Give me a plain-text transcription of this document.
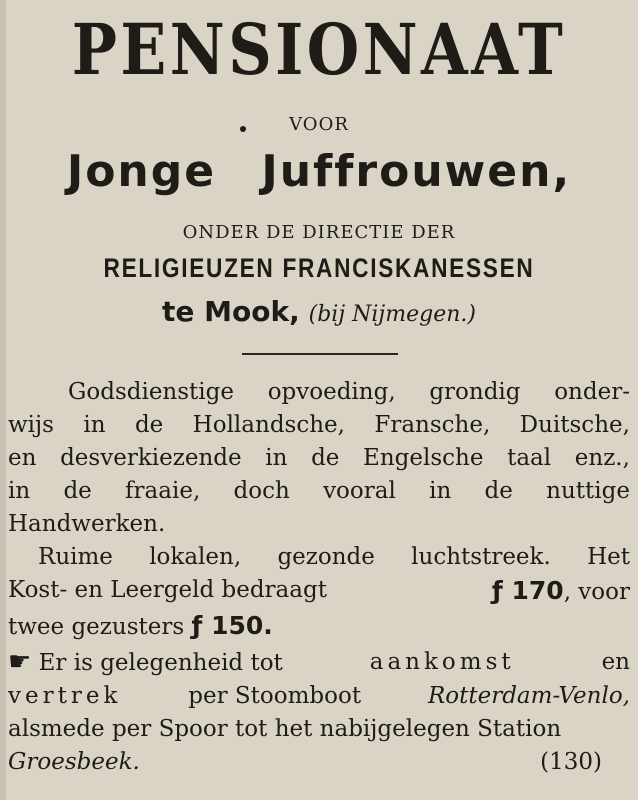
PENSIONAAT
VOOR
Jonge Juffrouwen,
ONDER DE DIRECTIE DER
RELIGIEUZEN FRANCISKANESSEN
te Mook, (bij Nijmegen.)
Godsdienstige	opvoeding,	grondig	onder-
wijs in de Hollandsche, Fransche, Duitsche,
en desverkiezende in de Engelsche taal enz.,
in de fraaie, doch vooral in de nuttige
Handwerken.
Ruime lokalen, gezonde luchtstreek. Het
Kost- en Leergeld bedraagt	ƒ 170, voor
twee gezusters ƒ 150.
☛ Er is gelegenheid tot	aankomst	en
vertrek	per Stoomboot	Rotterdam-Venlo,
alsmede per Spoor tot het nabijgelegen Station
Groesbeek.	(130)
